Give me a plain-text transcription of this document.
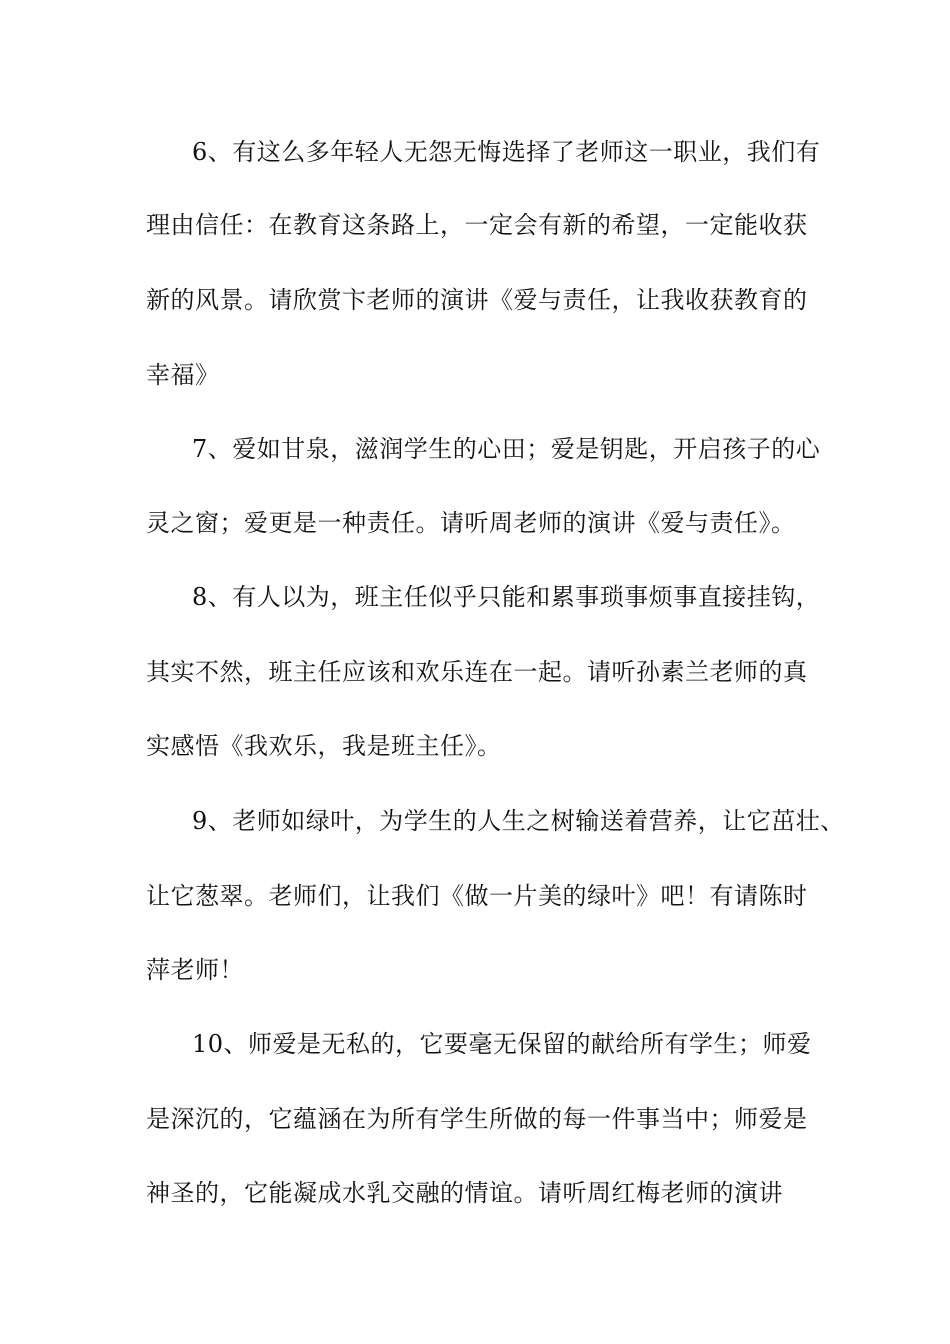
6、有这么多年轻人无怨无悔选择了老师这一职业，我们有
理由信任：在教育这条路上，一定会有新的希望，一定能收获
新的风景。请欣赏卞老师的演讲《爱与责任，让我收获教育的
幸福》
7、爱如甘泉，滋润学生的心田；爱是钥匙，开启孩子的心
灵之窗；爱更是一种责任。请听周老师的演讲《爱与责任》。
8、有人以为，班主任似乎只能和累事琐事烦事直接挂钩，
其实不然，班主任应该和欢乐连在一起。请听孙素兰老师的真
实感悟《我欢乐，我是班主任》。
9、老师如绿叶，为学生的人生之树输送着营养，让它茁壮、
让它葱翠。老师们，让我们《做一片美的绿叶》吧！有请陈时
萍老师！
10、师爱是无私的，它要毫无保留的献给所有学生；师爱
是深沉的，它蕴涵在为所有学生所做的每一件事当中；师爱是
神圣的，它能凝成水乳交融的情谊。请听周红梅老师的演讲
